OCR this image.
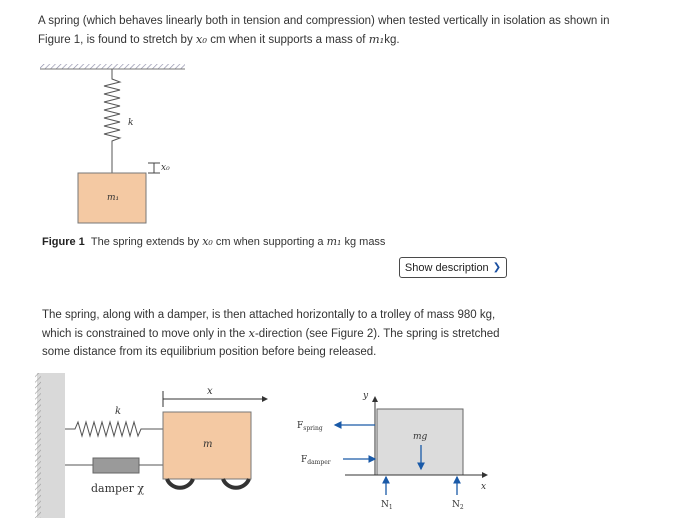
A spring (which behaves linearly both in tension and compression) when tested vertically in isolation as shown in Figure 1, is found to stretch by x₀ cm when it supports a mass of m₁kg.
k
x₀
m₁
Figure 1 The spring extends by x₀ cm when supporting a m₁ kg mass
Show description ❯
The spring, along with a damper, is then attached horizontally to a trolley of mass 980 kg,
which is constrained to move only in the x-direction (see Figure 2). The spring is stretched
some distance from its equilibrium position before being released.
k
damper χ
x
m
y
x
$F_{spring}$
$F_{damper}$
mg
$N_1$	$N_2$
